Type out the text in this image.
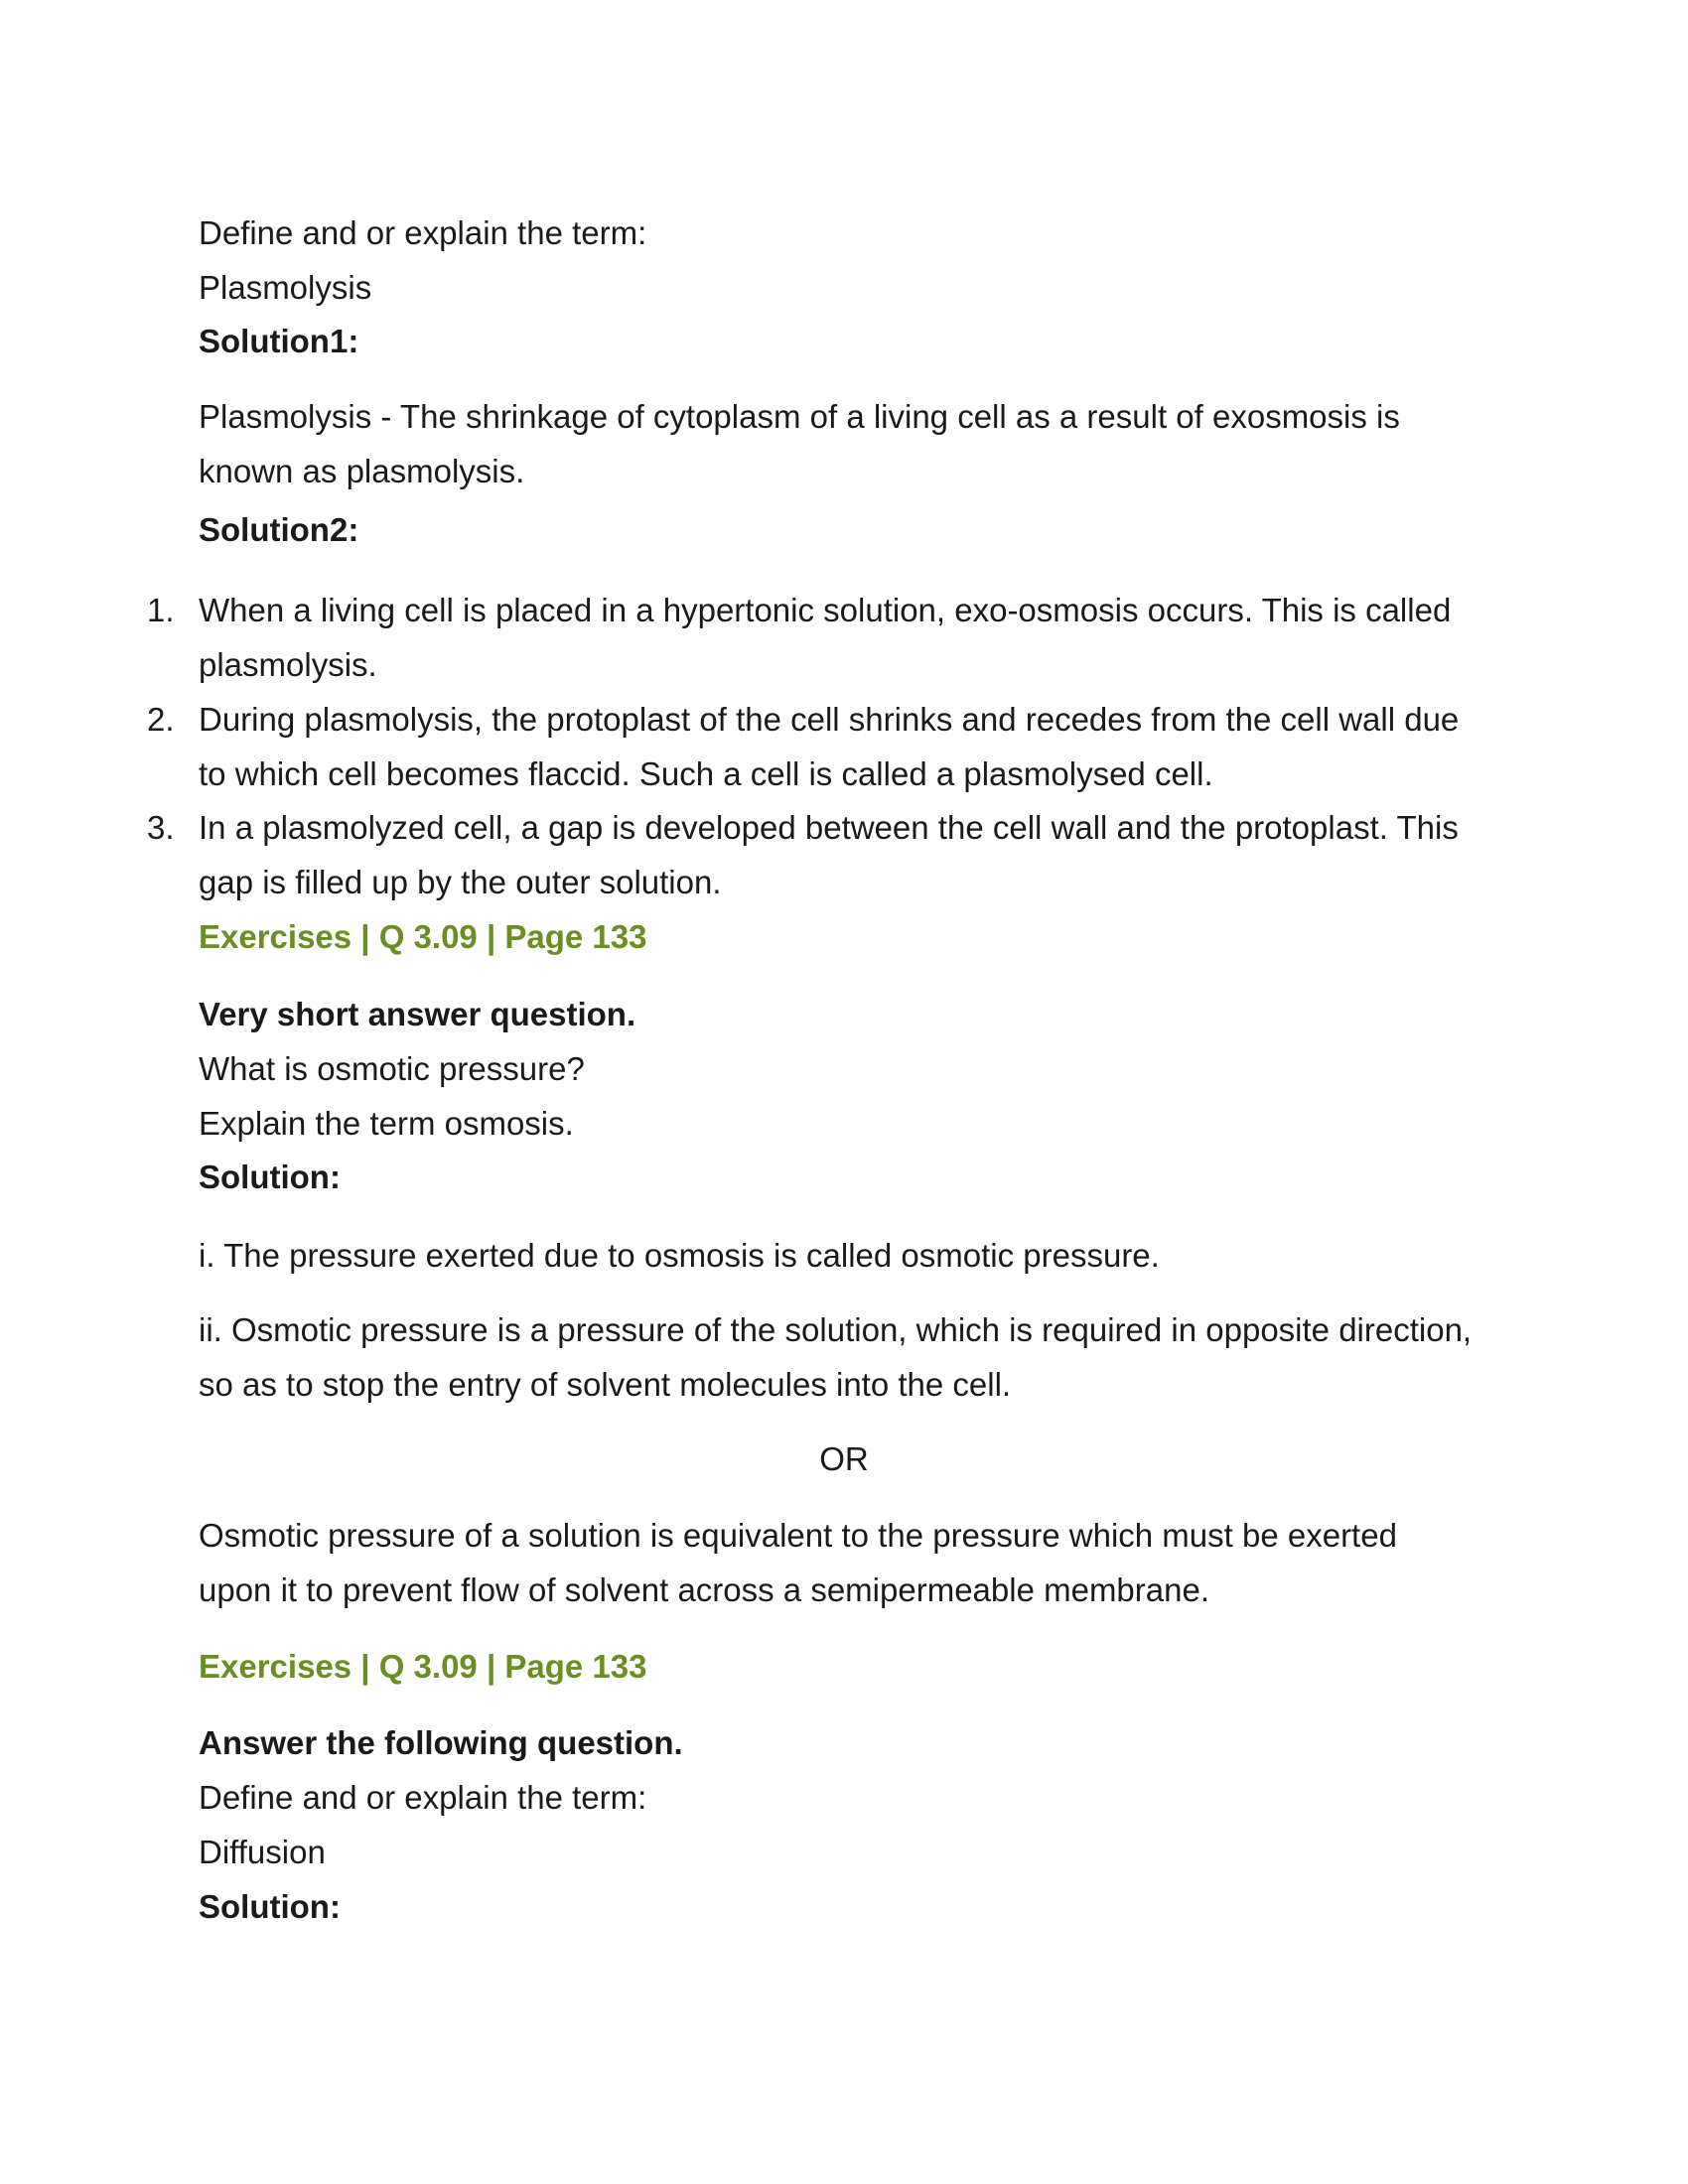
Define and or explain the term:
Plasmolysis
Solution1:
Plasmolysis - The shrinkage of cytoplasm of a living cell as a result of exosmosis is
known as plasmolysis.
Solution2:
1. When a living cell is placed in a hypertonic solution, exo-osmosis occurs. This is called
plasmolysis.
2. During plasmolysis, the protoplast of the cell shrinks and recedes from the cell wall due
to which cell becomes flaccid. Such a cell is called a plasmolysed cell.
3. In a plasmolyzed cell, a gap is developed between the cell wall and the protoplast. This
gap is filled up by the outer solution.
Exercises | Q 3.09 | Page 133
Very short answer question.
What is osmotic pressure?
Explain the term osmosis.
Solution:
i. The pressure exerted due to osmosis is called osmotic pressure.
ii. Osmotic pressure is a pressure of the solution, which is required in opposite direction,
so as to stop the entry of solvent molecules into the cell.
OR
Osmotic pressure of a solution is equivalent to the pressure which must be exerted
upon it to prevent flow of solvent across a semipermeable membrane.
Exercises | Q 3.09 | Page 133
Answer the following question.
Define and or explain the term:
Diffusion
Solution:
